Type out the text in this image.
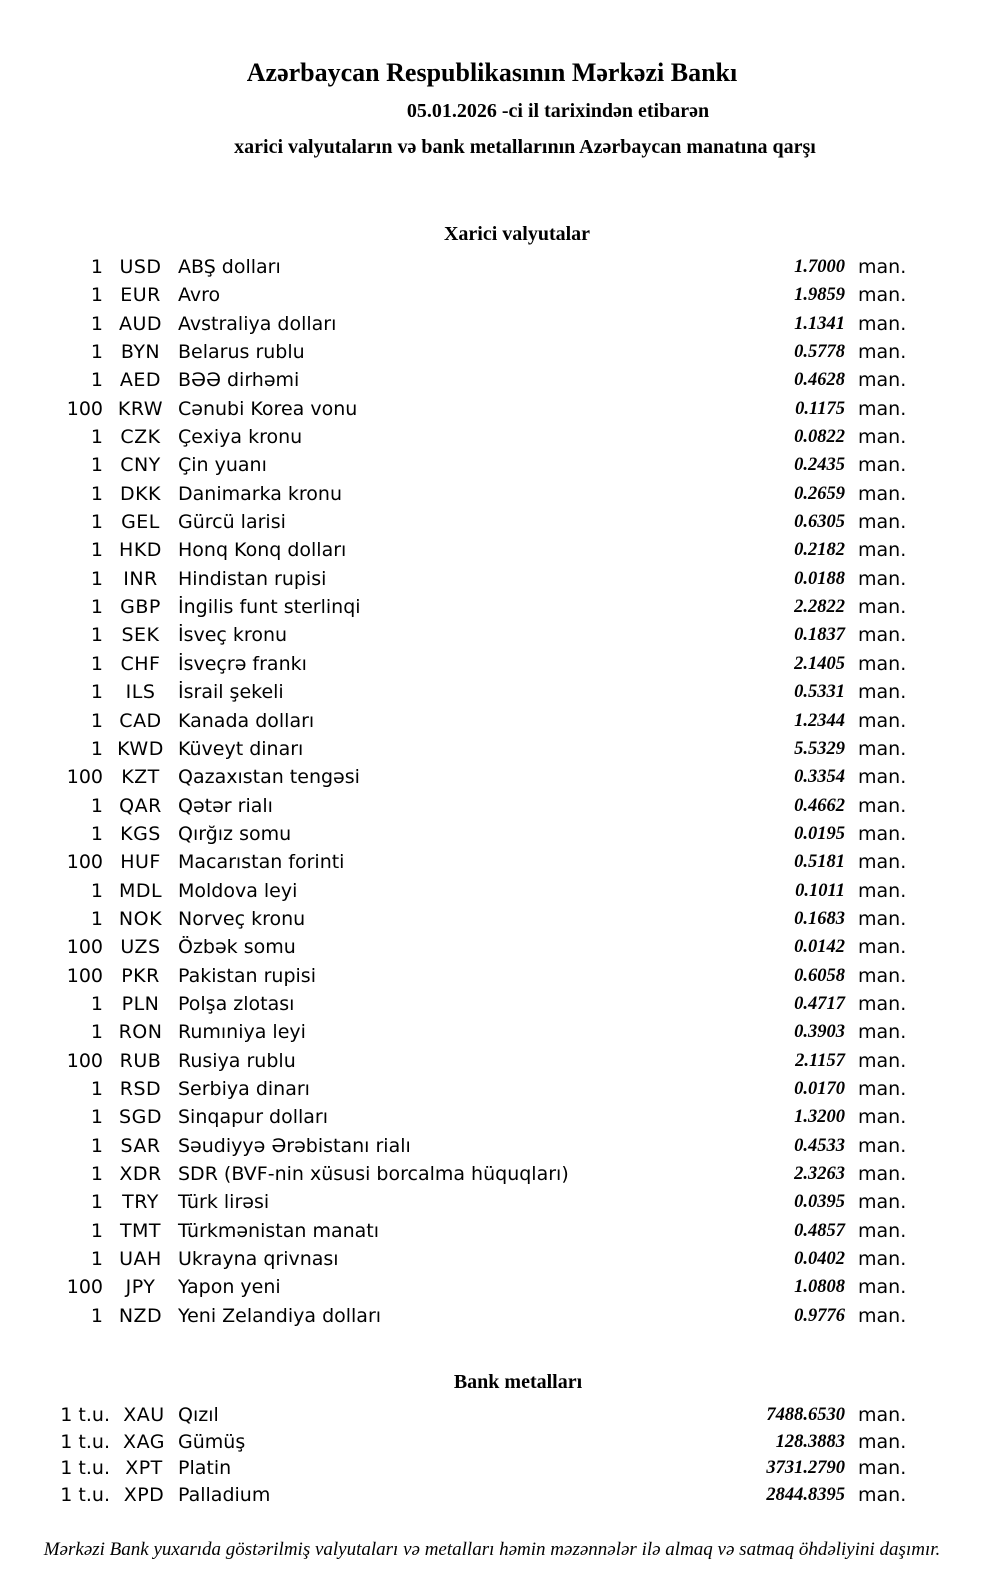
Azərbaycan Respublikasının Mərkəzi Bankı
05.01.2026 -ci il tarixindən etibarən
xarici valyutaların və bank metallarının Azərbaycan manatına qarşı
Xarici valyutalar
1 USD ABŞ dolları	1.7000 man.
1 EUR Avro	1.9859 man.
1 AUD Avstraliya dolları	1.1341 man.
1 BYN Belarus rublu	0.5778 man.
1 AED BƏƏ dirhəmi	0.4628 man.
100 KRW Cənubi Korea vonu	0.1175 man.
1 CZK Çexiya kronu	0.0822 man.
1 CNY Çin yuanı	0.2435 man.
1 DKK Danimarka kronu	0.2659 man.
1 GEL Gürcü larisi	0.6305 man.
1 HKD Honq Konq dolları	0.2182 man.
1	INR	Hindistan rupisi	0.0188 man.
1 GBP İngilis funt sterlinqi	2.2822 man.
1 SEK İsveç kronu	0.1837 man.
1 CHF İsveçrə frankı	2.1405 man.
1	ILS	İsrail şekeli	0.5331 man.
1 CAD Kanada dolları	1.2344 man.
1 KWD Küveyt dinarı	5.5329 man.
100 KZT Qazaxıstan tengəsi	0.3354 man.
1 QAR Qətər rialı	0.4662 man.
1 KGS Qırğız somu	0.0195 man.
100 HUF Macarıstan forinti	0.5181 man.
1 MDL Moldova leyi	0.1011 man.
1 NOK Norveç kronu	0.1683 man.
100 UZS Özbək somu	0.0142 man.
100 PKR Pakistan rupisi	0.6058 man.
1 PLN Polşa zlotası	0.4717 man.
1 RON Rumıniya leyi	0.3903 man.
100 RUB Rusiya rublu	2.1157 man.
1 RSD Serbiya dinarı	0.0170 man.
1 SGD Sinqapur dolları	1.3200 man.
1 SAR Səudiyyə Ərəbistanı rialı	0.4533 man.
1 XDR SDR (BVF-nin xüsusi borcalma hüquqları)	2.3263 man.
1	TRY	Türk lirəsi	0.0395 man.
1 TMT Türkmənistan manatı	0.4857 man.
1 UAH Ukrayna qrivnası	0.0402 man.
100	JPY	Yapon yeni	1.0808 man.
1 NZD Yeni Zelandiya dolları	0.9776 man.
Bank metalları
1 t.u. XAU Qızıl	7488.6530 man.
1 t.u. XAG Gümüş	128.3883 man.
1 t.u. XPT Platin	3731.2790 man.
1 t.u. XPD Palladium	2844.8395 man.
Mərkəzi Bank yuxarıda göstərilmiş valyutaları və metalları həmin məzənnələr ilə almaq və satmaq öhdəliyini daşımır.
